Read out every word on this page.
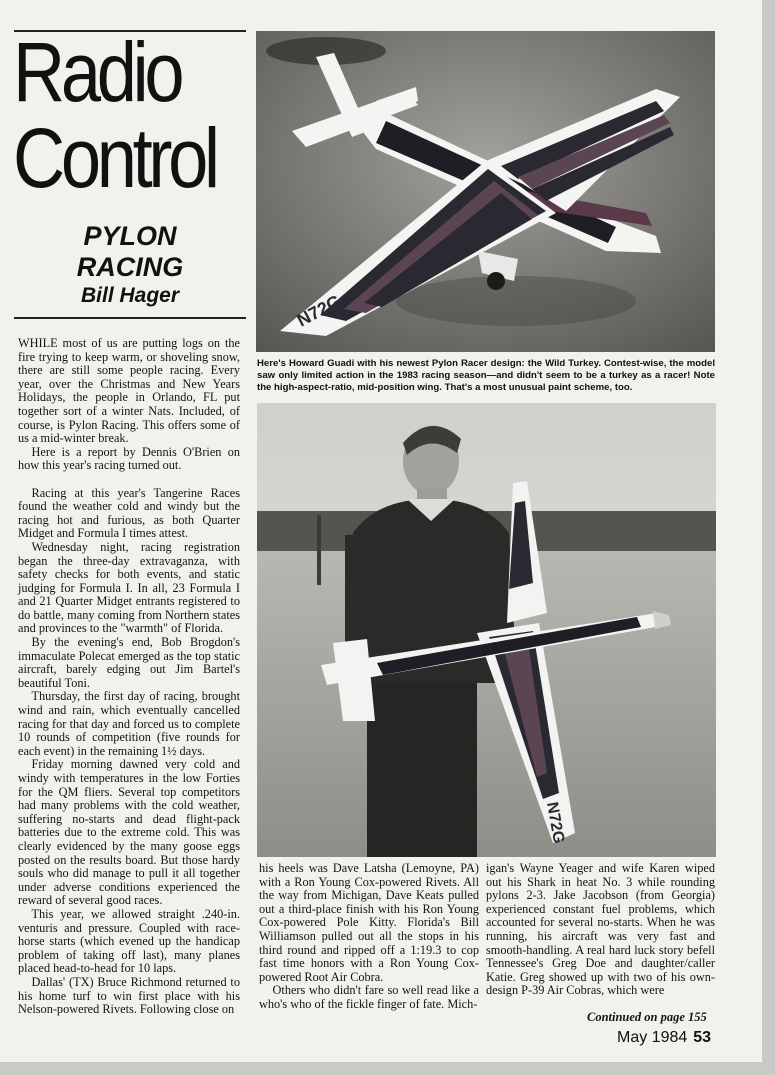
Radio
Control
PYLON
RACING
Bill Hager	N72G
Here's Howard Guadi with his newest Pylon Racer design: the Wild Turkey. Contest-wise, the model saw only limited action in the 1983 racing season—and didn't seem to be a turkey as a racer! Note the high-aspect-ratio, mid-position wing. That's a most unusual paint scheme, too.
N72G

WHILE most of us are putting logs on the fire trying to keep warm, or shoveling snow, there are still some people racing. Every year, over the Christmas and New Years Holidays, the people in Orlando, FL put together sort of a winter Nats. Included, of course, is Pylon Racing. This offers some of us a mid-winter break.

Here is a report by Dennis O'Brien on how this year's racing turned out.

Racing at this year's Tangerine Races found the weather cold and windy but the racing hot and furious, as both Quarter Midget and Formula I times attest.

Wednesday night, racing registration began the three-day extravaganza, with safety checks for both events, and static judging for Formula I. In all, 23 Formula I and 21 Quarter Midget entrants registered to do battle, many coming from Northern states and provinces to the "warmth" of Florida.

By the evening's end, Bob Brogdon's immaculate Polecat emerged as the top static aircraft, barely edging out Jim Bartel's beautiful Toni.

Thursday, the first day of racing, brought wind and rain, which eventually cancelled racing for that day and forced us to complete 10 rounds of competition (five rounds for each event) in the remaining 1½ days.

Friday morning dawned very cold and windy with temperatures in the low Forties for the QM fliers. Several top competitors had many problems with the cold weather, suffering no-starts and dead flight-pack batteries due to the extreme cold. This was clearly evidenced by the many goose eggs posted on the results board. But those hardy souls who did manage to pull it all together under adverse conditions experienced the reward of several good races.

This year, we allowed straight .240-in. venturis and pressure. Coupled with race-horse starts (which evened up the handicap problem of taking off last), many planes placed head-to-head for 10 laps.

Dallas' (TX) Bruce Richmond returned to his home turf to win first place with his Nelson-powered Rivets. Following close on

his heels was Dave Latsha (Lemoyne, PA) with a Ron Young Cox-powered Rivets. All the way from Michigan, Dave Keats pulled out a third-place finish with his Ron Young Cox-powered Pole Kitty. Florida's Bill Williamson pulled out all the stops in his third round and ripped off a 1:19.3 to cop fast time honors with a Ron Young Cox-powered Root Air Cobra.

Others who didn't fare so well read like a who's who of the fickle finger of fate. Mich-

igan's Wayne Yeager and wife Karen wiped out his Shark in heat No. 3 while rounding pylons 2-3. Jake Jacobson (from Georgia) experienced constant fuel problems, which accounted for several no-starts. When he was running, his aircraft was very fast and smooth-handling. A real hard luck story befell Tennessee's Greg Doe and daughter/caller Katie. Greg showed up with two of his own-design P-39 Air Cobras, which were

Continued on page 155
May 1984 53
